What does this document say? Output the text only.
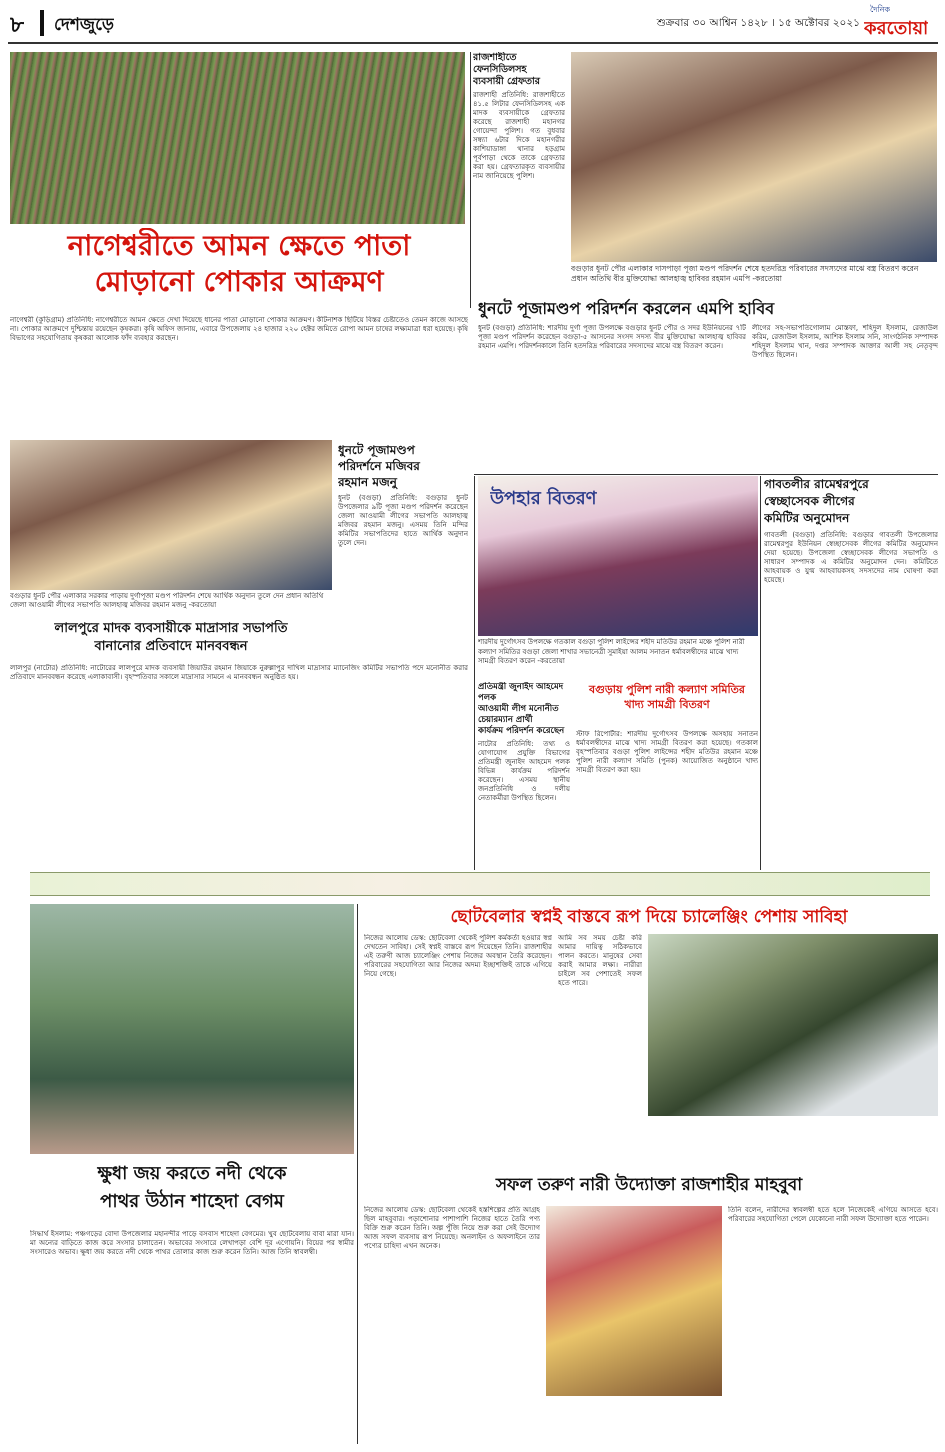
৮ দেশজুড়ে	শুক্রবার ৩০ আশ্বিন ১৪২৮ । ১৫ অক্টোবর ২০২১
দৈনিক
করতোয়া
রাজশাহীতে ফেনসিডিলসহ
ব্যবসায়ী গ্রেফতার
রাজশাহী প্রতিনিধি: রাজশাহীতে ৪১.৫ লিটার ফেনসিডিলসহ এক মাদক ব্যবসায়ীকে গ্রেফতার করেছে রাজশাহী মহানগর গোয়েন্দা পুলিশ। গত বুধবার সন্ধ্যা ৬টার দিকে মহানগরীর কাশিয়াডাঙ্গা থানার হড়গ্রাম পূর্বপাড়া থেকে তাকে গ্রেফতার করা হয়। গ্রেফতারকৃত ব্যবসায়ীর নাম জানিয়েছে পুলিশ।
বগুড়ার ধুনট পৌর এলাকার দাসপাড়া পূজা মণ্ডপ পরিদর্শন শেষে হতদরিদ্র পরিবারের সদস্যদের মাঝে বস্ত্র বিতরণ করেন প্রধান অতিথি বীর মুক্তিযোদ্ধা আলহাজ্ব হাবিবর রহমান এমপি -করতোয়া
নাগেশ্বরীতে আমন ক্ষেতে পাতা
মোড়ানো পোকার আক্রমণ
ধুনটে পূজামণ্ডপ পরিদর্শন করলেন এমপি হাবিব
ধুনট (বগুড়া) প্রতিনিধি: শারদীয় দুর্গা পূজা উপলক্ষে বগুড়ার ধুনট পৌর ও সদর ইউনিয়নের ৭টি পূজা মণ্ডপ পরিদর্শন করেছেন বগুড়া-৫ আসনের সংসদ সদস্য বীর মুক্তিযোদ্ধা আলহাজ্ব হাবিবর রহমান এমপি। পরিদর্শনকালে তিনি হতদরিদ্র পরিবারের সদস্যদের মাঝে বস্ত্র বিতরণ করেন।
লীগের সহ-সভাপতিগোলাম মোস্তফা, শহিদুল ইসলাম, রেজাউল করিম, রেজাউল ইসলাম, আশিক ইসলাম সনি, সাংগঠনিক সম্পাদক শহিদুল ইসলাম খান, দপ্তর সম্পাদক আক্তার আলী সহ নেতৃবৃন্দ উপস্থিত ছিলেন।
নাগেশ্বরী (কুড়িগ্রাম) প্রতিনিধি: নাগেশ্বরীতে আমন ক্ষেতে দেখা দিয়েছে ধানের পাতা মোড়ানো পোকার আক্রমণ। কীটনাশক ছিটিয়ে বিস্তর চেষ্টাতেও তেমন কাজে আসছে না। পোকার আক্রমণে দুশ্চিন্তায় রয়েছেন কৃষকরা। কৃষি অফিস জানায়, এবারে উপজেলায় ২৪ হাজার ২২০ হেক্টর জমিতে রোপা আমন চাষের লক্ষ্যমাত্রা ধরা হয়েছে। কৃষি বিভাগের সহযোগিতায় কৃষকরা আলোক ফাঁদ ব্যবহার করছেন।
বগুড়ার ধুনট পৌর এলাকার সরকার পাড়ায় দুর্গাপূজা মণ্ডপ পরিদর্শন শেষে আর্থিক অনুদান তুলে দেন প্রধান অতিথি জেলা আওয়ামী লীগের সভাপতি আলহাজ্ব মজিবর রহমান মজনু -করতোয়া
ধুনটে পূজামণ্ডপ
পরিদর্শনে মজিবর
রহমান মজনু
ধুনট (বগুড়া) প্রতিনিধি: বগুড়ার ধুনট উপজেলার ৯টি পূজা মণ্ডপ পরিদর্শন করেছেন জেলা আওয়ামী লীগের সভাপতি আলহাজ্ব মজিবর রহমান মজনু। এসময় তিনি মন্দির কমিটির সভাপতিদের হাতে আর্থিক অনুদান তুলে দেন।
উপহার বিতরণ
শারদীয় দুর্গোৎসব উপলক্ষে গতকাল বগুড়া পুলিশ লাইন্সের শহীদ মতিউর রহমান মঞ্চে পুলিশ নারী কল্যাণ সমিতির বগুড়া জেলা শাখার সভানেত্রী সুমাইয়া আলম সনাতন ধর্মাবলম্বীদের মাঝে খাদ্য সামগ্রী বিতরণ করেন -করতোয়া
গাবতলীর রামেশ্বরপুরে
স্বেচ্ছাসেবক লীগের
কমিটির অনুমোদন
গাবতলী (বগুড়া) প্রতিনিধি: বগুড়ার গাবতলী উপজেলার রামেশ্বরপুর ইউনিয়ন স্বেচ্ছাসেবক লীগের কমিটির অনুমোদন দেয়া হয়েছে। উপজেলা স্বেচ্ছাসেবক লীগের সভাপতি ও সাধারণ সম্পাদক এ কমিটির অনুমোদন দেন। কমিটিতে আহবায়ক ও যুগ্ম আহবায়কসহ সদস্যদের নাম ঘোষণা করা হয়েছে।
লালপুরে মাদক ব্যবসায়ীকে মাদ্রাসার সভাপতি
বানানোর প্রতিবাদে মানববন্ধন
লালপুর (নাটোর) প্রতিনিধি: নাটোরের লালপুরে মাদক ব্যবসায়ী জিয়াউর রহমান জিয়াকে নুরুল্লাপুর দাখিল মাদ্রাসার ম্যানেজিং কমিটির সভাপতি পদে মনোনীত করার প্রতিবাদে মানববন্ধন করেছে এলাকাবাসী। বৃহস্পতিবার সকালে মাদ্রাসার সামনে এ মানববন্ধন অনুষ্ঠিত হয়।
প্রতিমন্ত্রী জুনাইদ আহমেদ পলক
আওয়ামী লীগ মনোনীত চেয়ারম্যান প্রার্থী
কার্যক্রম পরিদর্শন করেছেন
নাটোর প্রতিনিধি: তথ্য ও যোগাযোগ প্রযুক্তি বিভাগের প্রতিমন্ত্রী জুনাইদ আহমেদ পলক বিভিন্ন কার্যক্রম পরিদর্শন করেছেন। এসময় স্থানীয় জনপ্রতিনিধি ও দলীয় নেতাকর্মীরা উপস্থিত ছিলেন।
বগুড়ায় পুলিশ নারী কল্যাণ সমিতির
খাদ্য সামগ্রী বিতরণ
স্টাফ রিপোর্টার: শারদীয় দুর্গোৎসব উপলক্ষে অসহায় সনাতন ধর্মাবলম্বীদের মাঝে খাদ্য সামগ্রী বিতরণ করা হয়েছে। গতকাল বৃহস্পতিবার বগুড়া পুলিশ লাইন্সের শহীদ মতিউর রহমান মঞ্চে পুলিশ নারী কল্যাণ সমিতি (পুনক) আয়োজিত অনুষ্ঠানে খাদ্য সামগ্রী বিতরণ করা হয়।
ছোটবেলার স্বপ্নই বাস্তবে রূপ দিয়ে চ্যালেঞ্জিং পেশায় সাবিহা
নিজের আলোয় ডেস্ক: ছোটবেলা থেকেই পুলিশ কর্মকর্তা হওয়ার স্বপ্ন দেখতেন সাবিহা। সেই স্বপ্নই বাস্তবে রূপ দিয়েছেন তিনি। রাজশাহীর এই তরুণী আজ চ্যালেঞ্জিং পেশায় নিজের অবস্থান তৈরি করেছেন। পরিবারের সহযোগিতা আর নিজের অদম্য ইচ্ছাশক্তিই তাকে এগিয়ে নিয়ে গেছে।
আমি সব সময় চেষ্টা করি আমার দায়িত্ব সঠিকভাবে পালন করতে। মানুষের সেবা করাই আমার লক্ষ্য। নারীরা চাইলে সব পেশাতেই সফল হতে পারে।
ক্ষুধা জয় করতে নদী থেকে
পাথর উঠান শাহেদা বেগম
সিদ্ধার্থ ইসলাম: পঞ্চগড়ের বোদা উপজেলার মহানন্দীর পাড়ে বসবাস শাহেদা বেগমের। খুব ছোটবেলায় বাবা মারা যান। মা অন্যের বাড়িতে কাজ করে সংসার চালাতেন। অভাবের সংসারে লেখাপড়া বেশি দূর এগোয়নি। বিয়ের পর স্বামীর সংসারেও অভাব। ক্ষুধা জয় করতে নদী থেকে পাথর তোলার কাজ শুরু করেন তিনি। আজ তিনি স্বাবলম্বী।
সফল তরুণ নারী উদ্যোক্তা রাজশাহীর মাহবুবা
নিজের আলোয় ডেস্ক: ছোটবেলা থেকেই হস্তশিল্পের প্রতি আগ্রহ ছিল মাহবুবার। পড়াশোনার পাশাপাশি নিজের হাতে তৈরি পণ্য বিক্রি শুরু করেন তিনি। অল্প পুঁজি নিয়ে শুরু করা সেই উদ্যোগ আজ সফল ব্যবসায় রূপ নিয়েছে। অনলাইন ও অফলাইনে তার পণ্যের চাহিদা এখন অনেক।
তিনি বলেন, নারীদের স্বাবলম্বী হতে হলে নিজেকেই এগিয়ে আসতে হবে। পরিবারের সহযোগিতা পেলে যেকোনো নারী সফল উদ্যোক্তা হতে পারেন।
